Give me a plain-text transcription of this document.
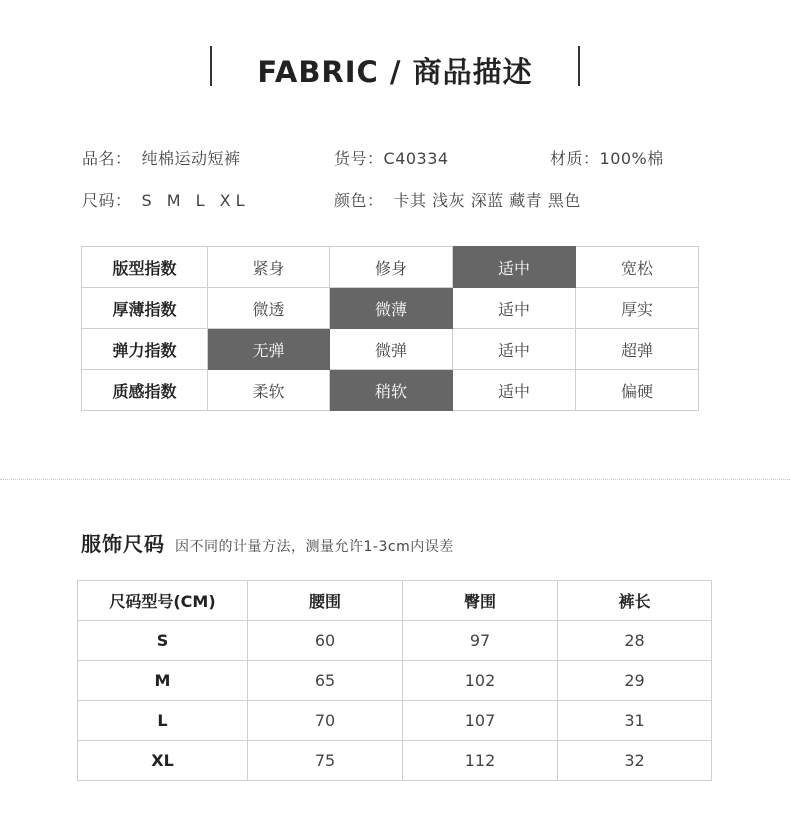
FABRIC / 商品描述
品名： 纯棉运动短裤	货号：C40334	材质：100%棉
尺码： S M L XL	颜色： 卡其 浅灰 深蓝 藏青 黑色
版型指数	紧身	修身	适中	宽松
厚薄指数	微透	微薄	适中	厚实
弹力指数	无弹	微弹	适中	超弹
质感指数	柔软	稍软	适中	偏硬
服饰尺码 因不同的计量方法，测量允许1-3cm内误差
尺码型号(CM)	腰围	臀围	裤长
S	60	97	28
M	65	102	29
L	70	107	31
XL	75	112	32
